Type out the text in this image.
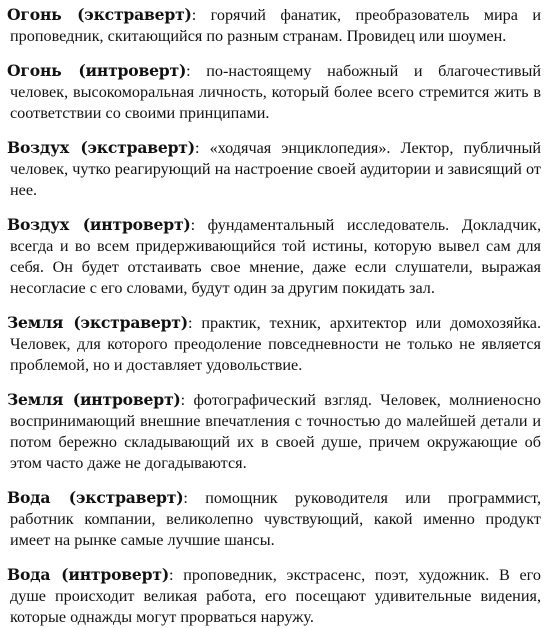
Огонь (экстраверт): горячий фанатик, преобразователь мира и проповедник, скитающийся по разным странам. Провидец или шоумен.

Огонь (интроверт): по-настоящему набожный и благочестивый человек, высокоморальная личность, который более всего стремится жить в соответствии со своими принципами.

Воздух (экстраверт): «ходячая энциклопедия». Лектор, публичный человек, чутко реагирующий на настроение своей аудитории и зависящий от нее.

Воздух (интроверт): фундаментальный исследователь. Докладчик, всегда и во всем придерживающийся той истины, которую вывел сам для себя. Он будет отстаивать свое мнение, даже если слушатели, выражая несогласие с его словами, будут один за другим покидать зал.

Земля (экстраверт): практик, техник, архитектор или домохозяйка. Человек, для которого преодоление повседневности не только не является проблемой, но и доставляет удовольствие.

Земля (интроверт): фотографический взгляд. Человек, молниеносно воспринимающий внешние впечатления с точностью до малейшей детали и потом бережно складывающий их в своей душе, причем окружающие об этом часто даже не догадываются.

Вода (экстраверт): помощник руководителя или программист, работник компании, великолепно чувствующий, какой именно продукт имеет на рынке самые лучшие шансы.

Вода (интроверт): проповедник, экстрасенс, поэт, художник. В его душе происходит великая работа, его посещают удивительные видения, которые однажды могут прорваться наружу.
